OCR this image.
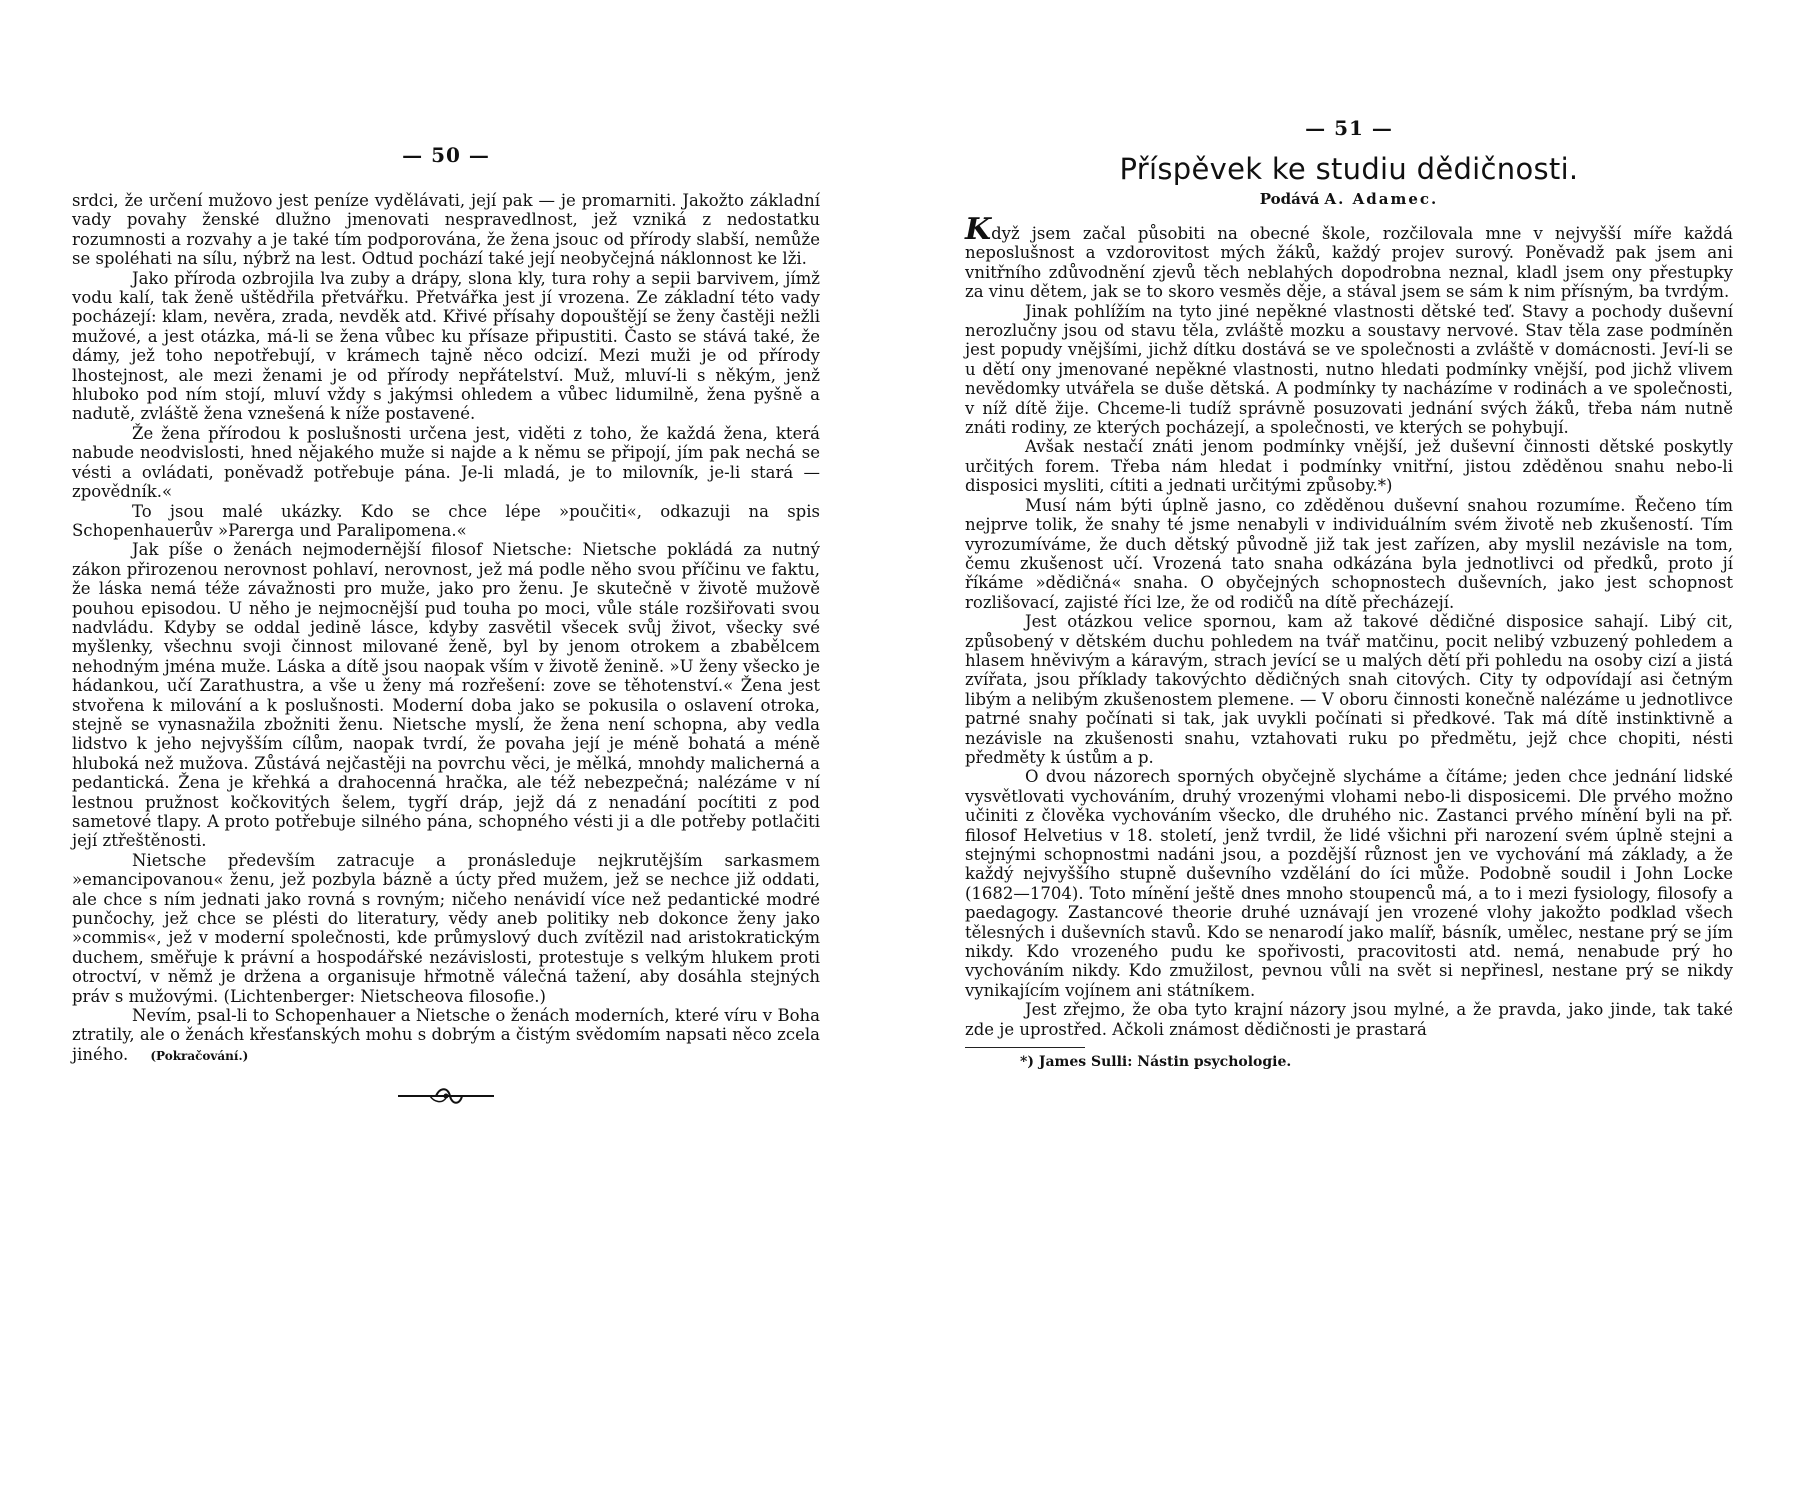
— 50 —

srdci, že určení mužovo jest peníze vydělávati, její pak — je promarniti. Jakožto základní vady povahy ženské dlužno jmenovati nespravedlnost, jež vzniká z nedostatku rozumnosti a rozvahy a je také tím podporována, že žena jsouc od přírody slabší, nemůže se spoléhati na sílu, nýbrž na lest. Odtud pochází také její neobyčejná náklonnost ke lži.

Jako příroda ozbrojila lva zuby a drápy, slona kly, tura rohy a sepii barvivem, jímž vodu kalí, tak ženě uštědřila přetvářku. Přetvářka jest jí vrozena. Ze základní této vady pocházejí: klam, nevěra, zrada, nevděk atd. Křivé přísahy dopouštějí se ženy častěji nežli mužové, a jest otázka, má-li se žena vůbec ku přísaze připustiti. Často se stává také, že dámy, jež toho nepotřebují, v krámech tajně něco odcizí. Mezi muži je od přírody lhostejnost, ale mezi ženami je od přírody nepřátelství. Muž, mluví-li s někým, jenž hluboko pod ním stojí, mluví vždy s jakýmsi ohledem a vůbec lidumilně, žena pyšně a nadutě, zvláště žena vznešená k níže postavené.

Že žena přírodou k poslušnosti určena jest, viděti z toho, že každá žena, která nabude neodvislosti, hned nějakého muže si najde a k němu se připojí, jím pak nechá se vésti a ovládati, poněvadž potřebuje pána. Je-li mladá, je to milovník, je-li stará — zpovědník.«

To jsou malé ukázky. Kdo se chce lépe »poučiti«, odkazuji na spis Schopenhauerův »Parerga und Paralipomena.«

Jak píše o ženách nejmodernější filosof Nietsche: Nietsche pokládá za nutný zákon přirozenou nerovnost pohlaví, nerovnost, jež má podle něho svou příčinu ve faktu, že láska nemá téže závažnosti pro muže, jako pro ženu. Je skutečně v životě mužově pouhou episodou. U něho je nejmocnější pud touha po moci, vůle stále rozšiřovati svou nadvládu. Kdyby se oddal jedině lásce, kdyby zasvětil všecek svůj život, všecky své myšlenky, všechnu svoji činnost milované ženě, byl by jenom otrokem a zbabělcem nehodným jména muže. Láska a dítě jsou naopak vším v životě ženině. »U ženy všecko je hádankou, učí Zarathustra, a vše u ženy má rozřešení: zove se těhotenství.« Žena jest stvořena k milování a k poslušnosti. Moderní doba jako se pokusila o oslavení otroka, stejně se vynasnažila zbožniti ženu. Nietsche myslí, že žena není schopna, aby vedla lidstvo k jeho nejvyšším cílům, naopak tvrdí, že povaha její je méně bohatá a méně hluboká než mužova. Zůstává nejčastěji na povrchu věci, je mělká, mnohdy malicherná a pedantická. Žena je křehká a drahocenná hračka, ale též nebezpečná; nalézáme v ní lestnou pružnost kočkovitých šelem, tygří dráp, jejž dá z nenadání pocítiti z pod sametové tlapy. A proto potřebuje silného pána, schopného vésti ji a dle potřeby potlačiti její ztřeštěnosti.

Nietsche především zatracuje a pronásleduje nejkrutějším sarkasmem »emancipovanou« ženu, jež pozbyla bázně a úcty před mužem, jež se nechce již oddati, ale chce s ním jednati jako rovná s rovným; ničeho nenávidí více než pedantické modré punčochy, jež chce se plésti do literatury, vědy aneb politiky neb dokonce ženy jako »commis«, jež v moderní společnosti, kde průmyslový duch zvítězil nad aristokratickým duchem, směřuje k právní a hospodářské nezávislosti, protestuje s velkým hlukem proti otroctví, v němž je držena a organisuje hřmotně válečná tažení, aby dosáhla stejných práv s mužovými. (Lichtenberger: Nietscheova filosofie.)

Nevím, psal-li to Schopenhauer a Nietsche o ženách moderních, které víru v Boha ztratily, ale o ženách křesťanských mohu s dobrým a čistým svědomím napsati něco zcela jiného. (Pokračování.)

— 51 —
Příspěvek ke studiu dědičnosti.
Podává A. Adamec.

Když jsem začal působiti na obecné škole, rozčilovala mne v nejvyšší míře každá neposlušnost a vzdorovitost mých žáků, každý projev surový. Poněvadž pak jsem ani vnitřního zdůvodnění zjevů těch neblahých dopodrobna neznal, kladl jsem ony přestupky za vinu dětem, jak se to skoro vesměs děje, a stával jsem se sám k nim přísným, ba tvrdým.

Jinak pohlížím na tyto jiné nepěkné vlastnosti dětské teď. Stavy a pochody duševní nerozlučny jsou od stavu těla, zvláště mozku a soustavy nervové. Stav těla zase podmíněn jest popudy vnějšími, jichž dítku dostává se ve společnosti a zvláště v domácnosti. Jeví-li se u dětí ony jmenované nepěkné vlastnosti, nutno hledati podmínky vnější, pod jichž vlivem nevědomky utvářela se duše dětská. A podmínky ty nacházíme v rodinách a ve společnosti, v níž dítě žije. Chceme-li tudíž správně posuzovati jednání svých žáků, třeba nám nutně znáti rodiny, ze kterých pocházejí, a společnosti, ve kterých se pohybují.

Avšak nestačí znáti jenom podmínky vnější, jež duševní činnosti dětské poskytly určitých forem. Třeba nám hledat i podmínky vnitřní, jistou zděděnou snahu nebo-li disposici mysliti, cítiti a jednati určitými způsoby.*)

Musí nám býti úplně jasno, co zděděnou duševní snahou rozumíme. Řečeno tím nejprve tolik, že snahy té jsme nenabyli v individuálním svém životě neb zkušeností. Tím vyrozumíváme, že duch dětský původně již tak jest zařízen, aby myslil nezávisle na tom, čemu zkušenost učí. Vrozená tato snaha odkázána byla jednotlivci od předků, proto jí říkáme »dědičná« snaha. O obyčejných schopnostech duševních, jako jest schopnost rozlišovací, zajisté říci lze, že od rodičů na dítě přecházejí.

Jest otázkou velice spornou, kam až takové dědičné disposice sahají. Libý cit, způsobený v dětském duchu pohledem na tvář matčinu, pocit nelibý vzbuzený pohledem a hlasem hněvivým a káravým, strach jevící se u malých dětí při pohledu na osoby cizí a jistá zvířata, jsou příklady takovýchto dědičných snah citových. City ty odpovídají asi četným libým a nelibým zkušenostem plemene. — V oboru činnosti konečně nalézáme u jednotlivce patrné snahy počínati si tak, jak uvykli počínati si předkové. Tak má dítě instinktivně a nezávisle na zkušenosti snahu, vztahovati ruku po předmětu, jejž chce chopiti, nésti předměty k ústům a p.

O dvou názorech sporných obyčejně slycháme a čítáme; jeden chce jednání lidské vysvětlovati vychováním, druhý vrozenými vlohami nebo-li disposicemi. Dle prvého možno učiniti z člověka vychováním všecko, dle druhého nic. Zastanci prvého mínění byli na př. filosof Helvetius v 18. století, jenž tvrdil, že lidé všichni při narození svém úplně stejni a stejnými schopnostmi nadáni jsou, a pozdější různost jen ve vychování má základy, a že každý nejvyššího stupně duševního vzdělání do íci může. Podobně soudil i John Locke (1682—1704). Toto mínění ještě dnes mnoho stoupenců má, a to i mezi fysiology, filosofy a paedagogy. Zastancové theorie druhé uznávají jen vrozené vlohy jakožto podklad všech tělesných i duševních stavů. Kdo se nenarodí jako malíř, básník, umělec, nestane prý se jím nikdy. Kdo vrozeného pudu ke spořivosti, pracovitosti atd. nemá, nenabude prý ho vychováním nikdy. Kdo zmužilost, pevnou vůli na svět si nepřinesl, nestane prý se nikdy vynikajícím vojínem ani státníkem.

Jest zřejmo, že oba tyto krajní názory jsou mylné, a že pravda, jako jinde, tak také zde je uprostřed. Ačkoli známost dědičnosti je prastará

*) James Sulli: Nástin psychologie.
